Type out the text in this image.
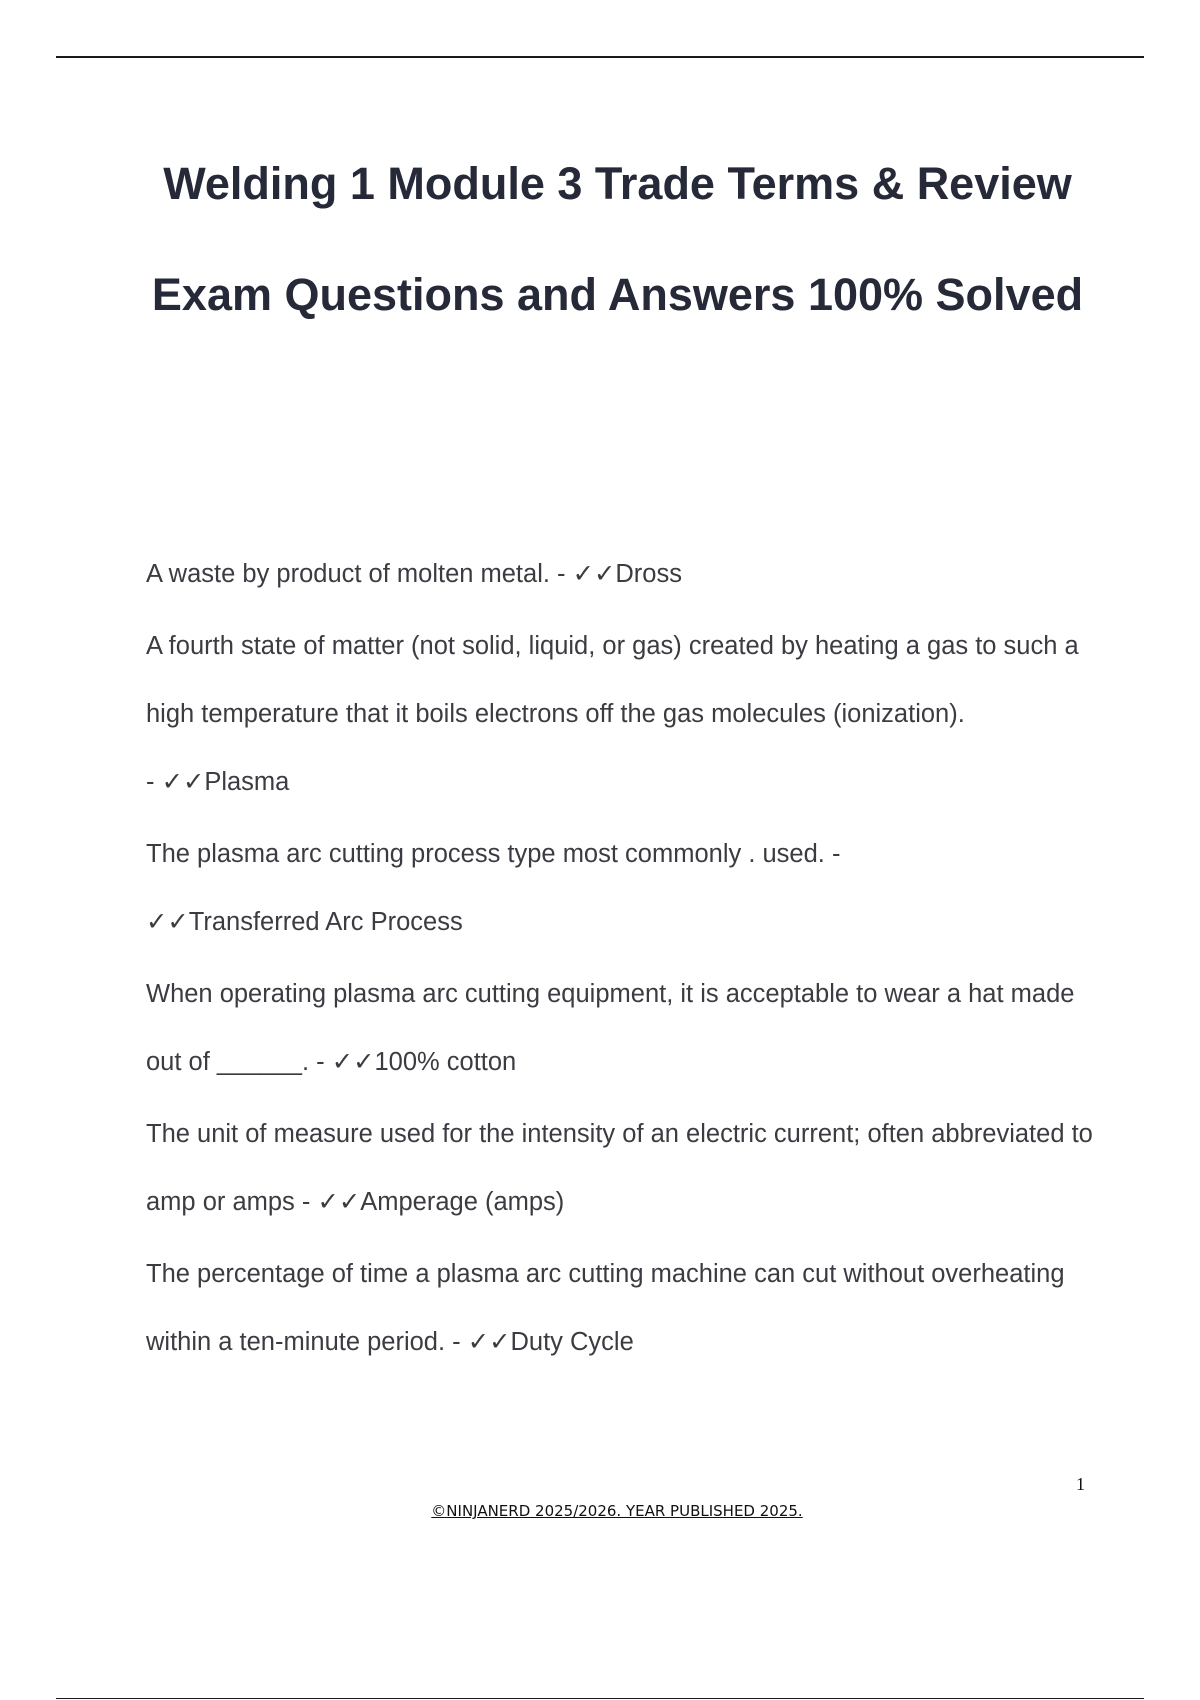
Welding 1 Module 3 Trade Terms & Review Exam Questions and Answers 100% Solved
A waste by product of molten metal. - ✓✓Dross
A fourth state of matter (not solid, liquid, or gas) created by heating a gas to such a high temperature that it boils electrons off the gas molecules (ionization). - ✓✓Plasma
The plasma arc cutting process type most commonly . used. - ✓✓Transferred Arc Process
When operating plasma arc cutting equipment, it is acceptable to wear a hat made out of ______. - ✓✓100% cotton
The unit of measure used for the intensity of an electric current; often abbreviated to amp or amps - ✓✓Amperage (amps)
The percentage of time a plasma arc cutting machine can cut without overheating within a ten-minute period. - ✓✓Duty Cycle
1
©NINJANERD 2025/2026. YEAR PUBLISHED 2025.
